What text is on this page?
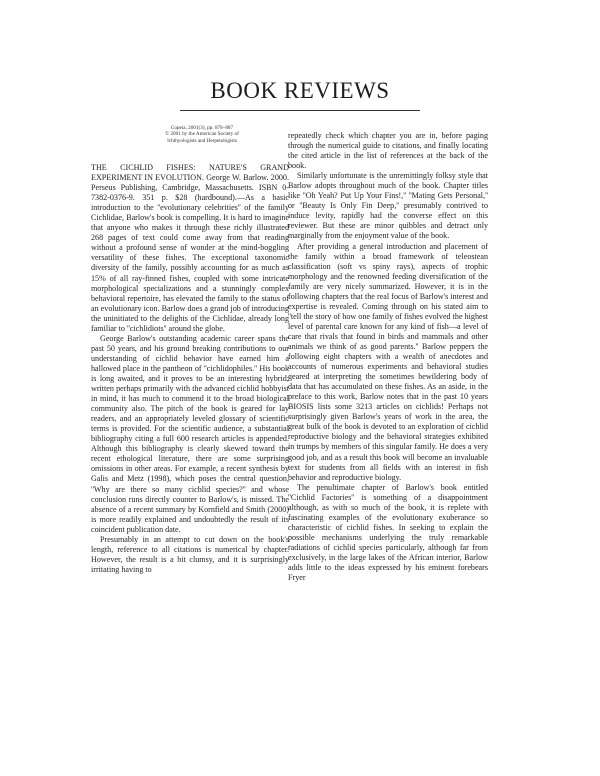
BOOK REVIEWS
Copeia, 2001(3), pp. 878–887
© 2001 by the American Society of
Ichthyologists and Herpetologists

THE CICHLID FISHES: NATURE'S GRAND EXPERIMENT IN EVOLUTION. George W. Barlow. 2000. Perseus Publishing, Cambridge, Massachusetts. ISBN 0-7382-0376-9. 351 p. $28 (hardbound).—As a basic introduction to the ''evolutionary celebrities'' of the family Cichlidae, Barlow's book is compelling. It is hard to imagine that anyone who makes it through these richly illustrated 268 pages of text could come away from that reading without a profound sense of wonder at the mind-boggling versatility of these fishes. The exceptional taxonomic diversity of the family, possibly accounting for as much as 15% of all ray-finned fishes, coupled with some intricate morphological specializations and a stunningly complex behavioral repertoire, has elevated the family to the status of an evolutionary icon. Barlow does a grand job of introducing the uninitiated to the delights of the Cichlidae, already long familiar to ''cichlidiots'' around the globe.

George Barlow's outstanding academic career spans the past 50 years, and his ground breaking contributions to our understanding of cichlid behavior have earned him a hallowed place in the pantheon of ''cichlidophiles.'' His book is long awaited, and it proves to be an interesting hybrid; written perhaps primarily with the advanced cichlid hobbyist in mind, it has much to commend it to the broad biological community also. The pitch of the book is geared for lay readers, and an appropriately leveled glossary of scientific terms is provided. For the scientific audience, a substantial bibliography citing a full 600 research articles is appended. Although this bibliography is clearly skewed toward the recent ethological literature, there are some surprising omissions in other areas. For example, a recent synthesis by Galis and Metz (1998), which poses the central question, ''Why are there so many cichlid species?'' and whose conclusion runs directly counter to Barlow's, is missed. The absence of a recent summary by Kornfield and Smith (2000) is more readily explained and undoubtedly the result of its coincident publication date.

Presumably in an attempt to cut down on the book's length, reference to all citations is numerical by chapter. However, the result is a bit clumsy, and it is surprisingly irritating having to

repeatedly check which chapter you are in, before paging through the numerical guide to citations, and finally locating the cited article in the list of references at the back of the book.

Similarly unfortunate is the unremittingly folksy style that Barlow adopts throughout much of the book. Chapter titles like ''Oh Yeah? Put Up Your Fins!,'' ''Mating Gets Personal,'' or ''Beauty Is Only Fin Deep,'' presumably contrived to induce levity, rapidly had the converse effect on this reviewer. But these are minor quibbles and detract only marginally from the enjoyment value of the book.

After providing a general introduction and placement of the family within a broad framework of teleostean classification (soft vs spiny rays), aspects of trophic morphology and the renowned feeding diversification of the family are very nicely summarized. However, it is in the following chapters that the real focus of Barlow's interest and expertise is revealed. Coming through on his stated aim to ''tell the story of how one family of fishes evolved the highest level of parental care known for any kind of fish—a level of care that rivals that found in birds and mammals and other animals we think of as good parents.'' Barlow peppers the following eight chapters with a wealth of anecdotes and accounts of numerous experiments and behavioral studies geared at interpreting the sometimes bewildering body of data that has accumulated on these fishes. As an aside, in the preface to this work, Barlow notes that in the past 10 years BIOSIS lists some 3213 articles on cichlids! Perhaps not surprisingly given Barlow's years of work in the area, the great bulk of the book is devoted to an exploration of cichlid reproductive biology and the behavioral strategies exhibited in trumps by members of this singular family. He does a very good job, and as a result this book will become an invaluable text for students from all fields with an interest in fish behavior and reproductive biology.

The penultimate chapter of Barlow's book entitled ''Cichlid Factories'' is something of a disappointment although, as with so much of the book, it is replete with fascinating examples of the evolutionary exuberance so characteristic of cichlid fishes. In seeking to explain the possible mechanisms underlying the truly remarkable radiations of cichlid species particularly, although far from exclusively, in the large lakes of the African interior, Barlow adds little to the ideas expressed by his eminent forebears Fryer
